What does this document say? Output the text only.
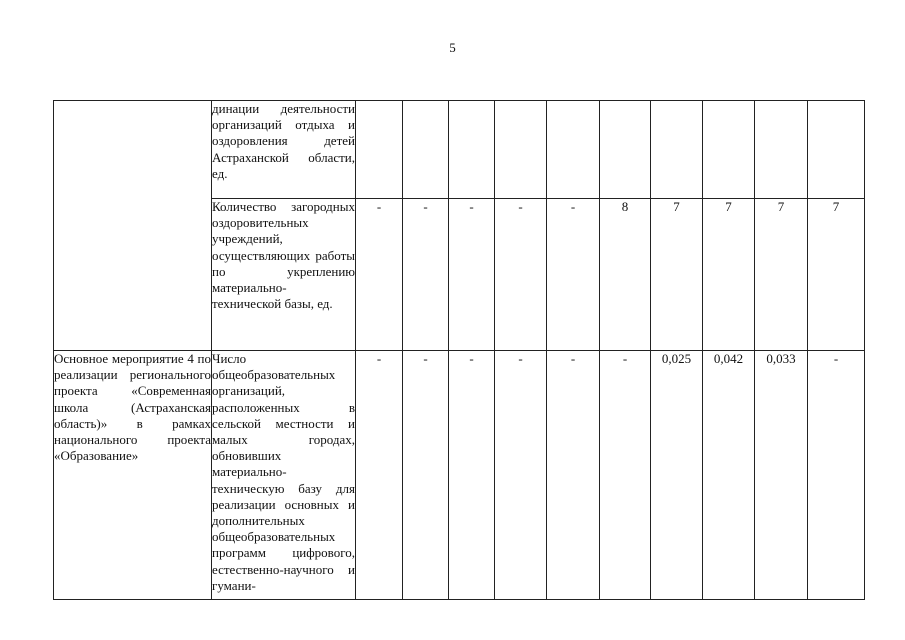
5
	динации деятельности организаций отдыха и оздоровления детей Астраханской области, ед.										
	Количество загородных оздоровительных учреждений, осуществляющих работы по укреплению материально-технической базы, ед.	-	-	-	-	-	8	7	7	7	7
Основное мероприятие 4 по реализации регионального проекта «Современная школа (Астраханская область)» в рамках национального проекта «Образование»	Число общеобразовательных организаций, расположенных в сельской местности и малых городах, обновивших материально-техническую базу для реализации основных и дополнительных общеобразовательных программ цифрового, естественно-научного и гумани-	-	-	-	-	-	-	0,025	0,042	0,033	-
